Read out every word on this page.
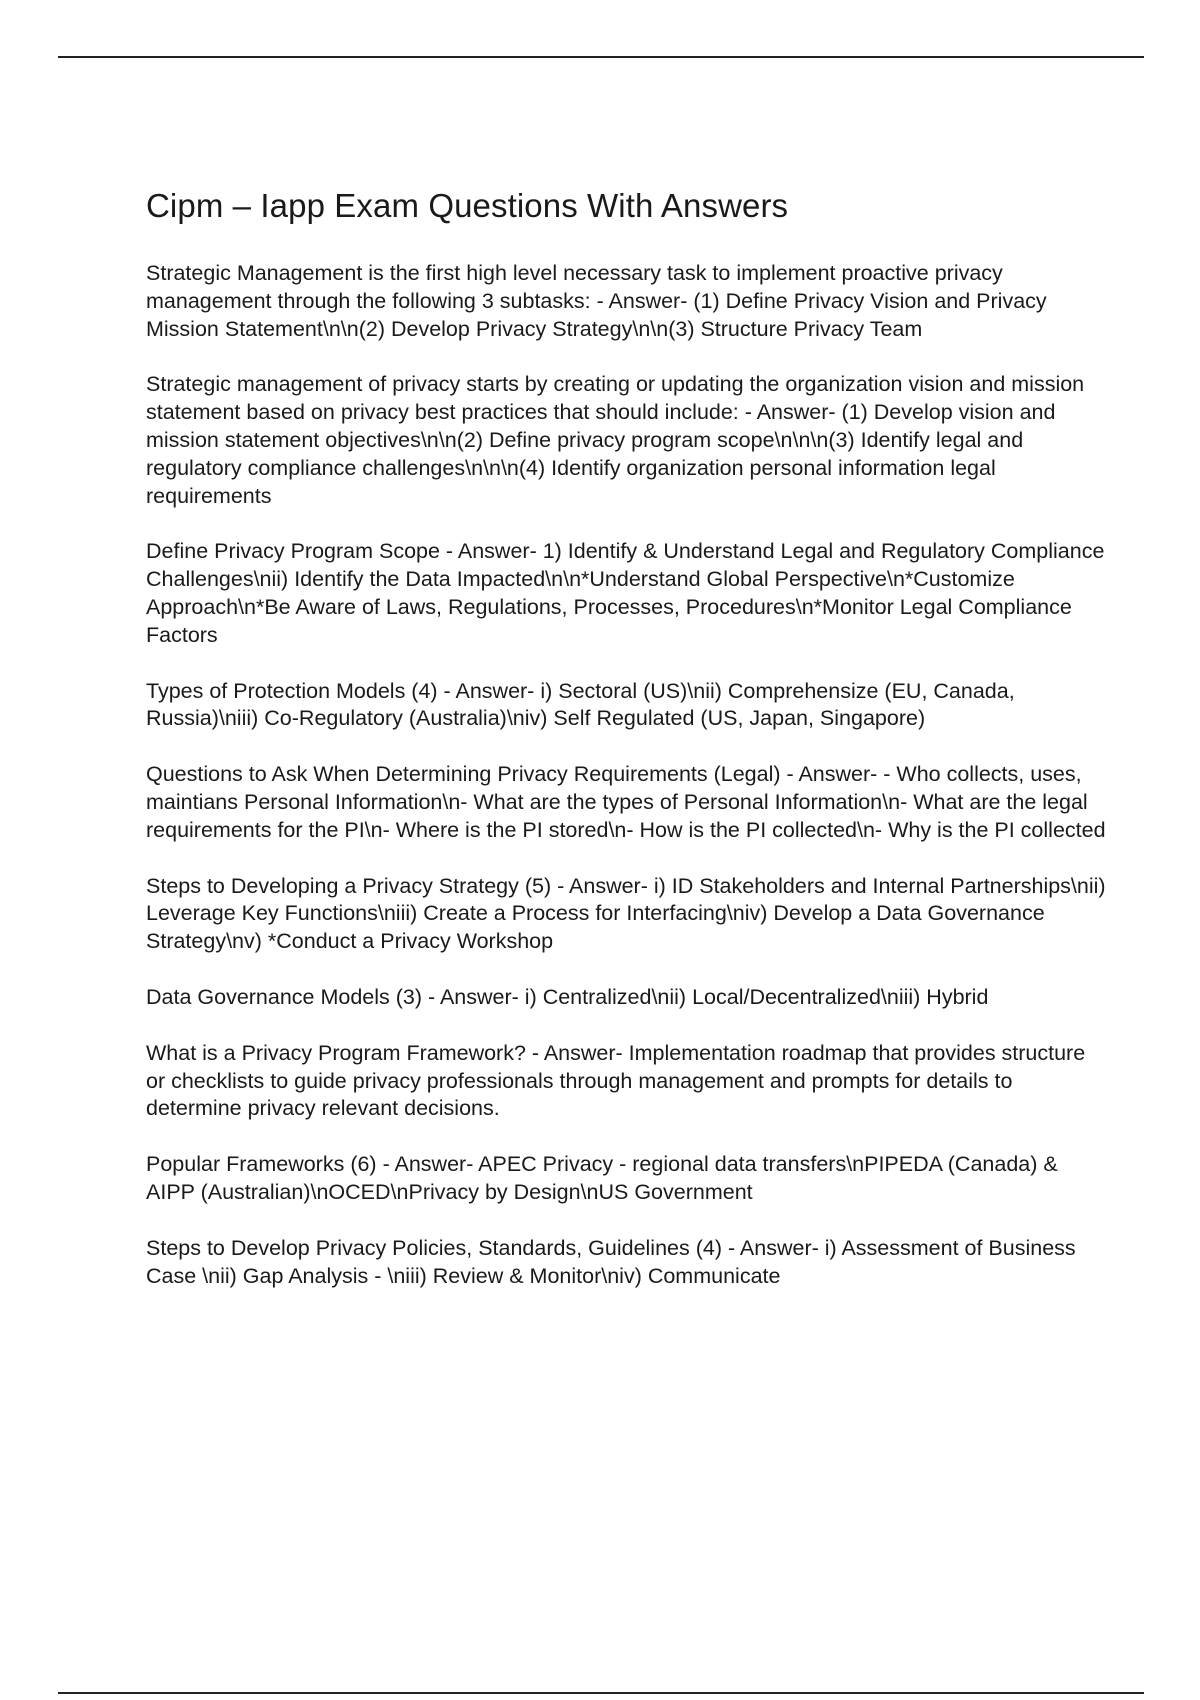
Cipm – Iapp Exam Questions With Answers

Strategic Management is the first high level necessary task to implement proactive privacy management through the following 3 subtasks: - Answer- (1) Define Privacy Vision and Privacy Mission Statement\n\n(2) Develop Privacy Strategy\n\n(3) Structure Privacy Team

Strategic management of privacy starts by creating or updating the organization vision and mission statement based on privacy best practices that should include: - Answer- (1) Develop vision and mission statement objectives\n\n(2) Define privacy program scope\n\n\n(3) Identify legal and regulatory compliance challenges\n\n\n(4) Identify organization personal information legal requirements

Define Privacy Program Scope - Answer- 1) Identify & Understand Legal and Regulatory Compliance Challenges\nii) Identify the Data Impacted\n\n*Understand Global Perspective\n*Customize Approach\n*Be Aware of Laws, Regulations, Processes, Procedures\n*Monitor Legal Compliance Factors

Types of Protection Models (4) - Answer- i) Sectoral (US)\nii) Comprehensize (EU, Canada, Russia)\niii) Co-Regulatory (Australia)\niv) Self Regulated (US, Japan, Singapore)

Questions to Ask When Determining Privacy Requirements (Legal) - Answer- - Who collects, uses, maintians Personal Information\n- What are the types of Personal Information\n- What are the legal requirements for the PI\n- Where is the PI stored\n- How is the PI collected\n- Why is the PI collected

Steps to Developing a Privacy Strategy (5) - Answer- i) ID Stakeholders and Internal Partnerships\nii) Leverage Key Functions\niii) Create a Process for Interfacing\niv) Develop a Data Governance Strategy\nv) *Conduct a Privacy Workshop

Data Governance Models (3) - Answer- i) Centralized\nii) Local/Decentralized\niii) Hybrid

What is a Privacy Program Framework? - Answer- Implementation roadmap that provides structure or checklists to guide privacy professionals through management and prompts for details to determine privacy relevant decisions.

Popular Frameworks (6) - Answer- APEC Privacy - regional data transfers\nPIPEDA (Canada) & AIPP (Australian)\nOCED\nPrivacy by Design\nUS Government

Steps to Develop Privacy Policies, Standards, Guidelines (4) - Answer- i) Assessment of Business Case \nii) Gap Analysis - \niii) Review & Monitor\niv) Communicate
